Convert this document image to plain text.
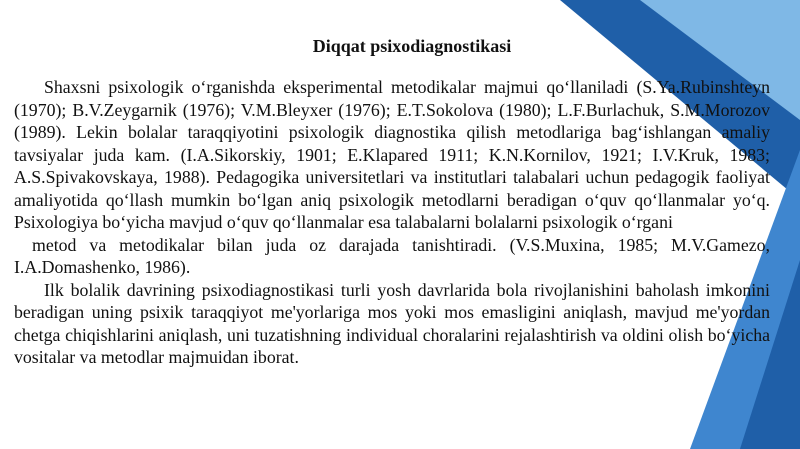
Diqqat psixodiagnostikasi

Shaxsni psixologik o‘rganishda eksperimental metodikalar majmui qo‘llaniladi (S.Ya.Rubinshteyn (1970); B.V.Zeygarnik (1976); V.M.Bleyxer (1976); E.T.Sokolova (1980); L.F.Burlachuk, S.M.Morozov (1989). Lekin bolalar taraqqiyotini psixologik diagnostika qilish metodlariga bag‘ishlangan amaliy tavsiyalar juda kam. (I.A.Sikorskiy, 1901; E.Klapared 1911; K.N.Kornilov, 1921; I.V.Kruk, 1983; A.S.Spivakovskaya, 1988). Pedagogika universitetlari va institutlari talabalari uchun pedagogik faoliyat amaliyotida qo‘llash mumkin bo‘lgan aniq psixologik metodlarni beradigan o‘quv qo‘llanmalar yo‘q. Psixologiya bo‘yicha mavjud o‘quv qo‘llanmalar esa talabalarni bolalarni psixologik o‘rgani

metod va metodikalar bilan juda oz darajada tanishtiradi. (V.S.Muxina, 1985; M.V.Gamezo, I.A.Domashenko, 1986).

Ilk bolalik davrining psixodiagnostikasi turli yosh davrlarida bola rivojlanishini baholash imkonini beradigan uning psixik taraqqiyot me'yorlariga mos yoki mos emasligini aniqlash, mavjud me'yordan chetga chiqishlarini aniqlash, uni tuzatishning individual choralarini rejalashtirish va oldini olish bo‘yicha vositalar va metodlar majmuidan iborat.
